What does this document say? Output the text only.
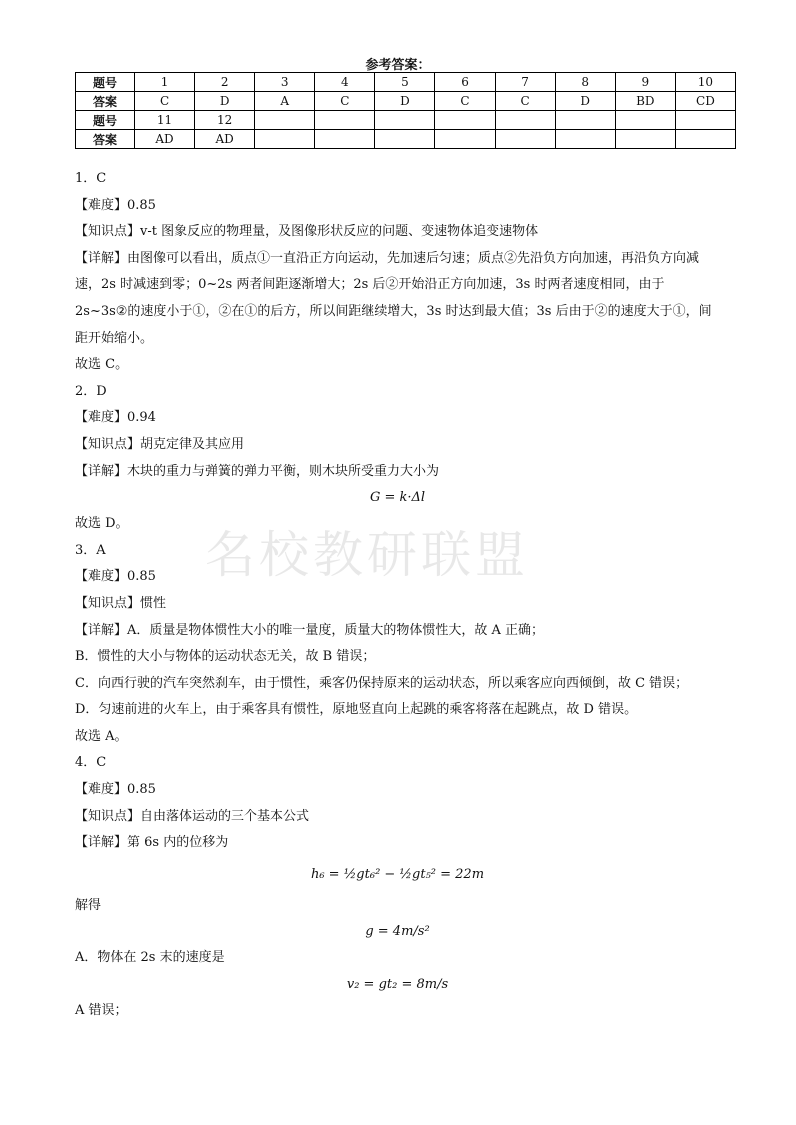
参考答案：
题号	1	2	3	4	5	6	7	8	9	10
答案	C	D	A	C	D	C	C	D	BD	CD
题号	11	12								
答案	AD	AD								
名校教研联盟
1．C
【难度】0.85
【知识点】v-t 图象反应的物理量，及图像形状反应的问题、变速物体追变速物体
【详解】由图像可以看出，质点①一直沿正方向运动，先加速后匀速；质点②先沿负方向加速，再沿负方向减速，2s 时减速到零；0~2s 两者间距逐渐增大；2s 后②开始沿正方向加速，3s 时两者速度相同，由于 2s~3s②的速度小于①，②在①的后方，所以间距继续增大，3s 时达到最大值；3s 后由于②的速度大于①，间距开始缩小。
故选 C。
2．D
【难度】0.94
【知识点】胡克定律及其应用
【详解】木块的重力与弹簧的弹力平衡，则木块所受重力大小为
G = k·Δl
故选 D。
3．A
【难度】0.85
【知识点】惯性
【详解】A．质量是物体惯性大小的唯一量度，质量大的物体惯性大，故 A 正确；
B．惯性的大小与物体的运动状态无关，故 B 错误；
C．向西行驶的汽车突然刹车，由于惯性，乘客仍保持原来的运动状态，所以乘客应向西倾倒，故 C 错误；
D．匀速前进的火车上，由于乘客具有惯性，原地竖直向上起跳的乘客将落在起跳点，故 D 错误。
故选 A。
4．C
【难度】0.85
【知识点】自由落体运动的三个基本公式
【详解】第 6s 内的位移为
h₆ = ½gt₆² − ½gt₅² = 22m
解得
g = 4m/s²
A．物体在 2s 末的速度是
v₂ = gt₂ = 8m/s
A 错误；
